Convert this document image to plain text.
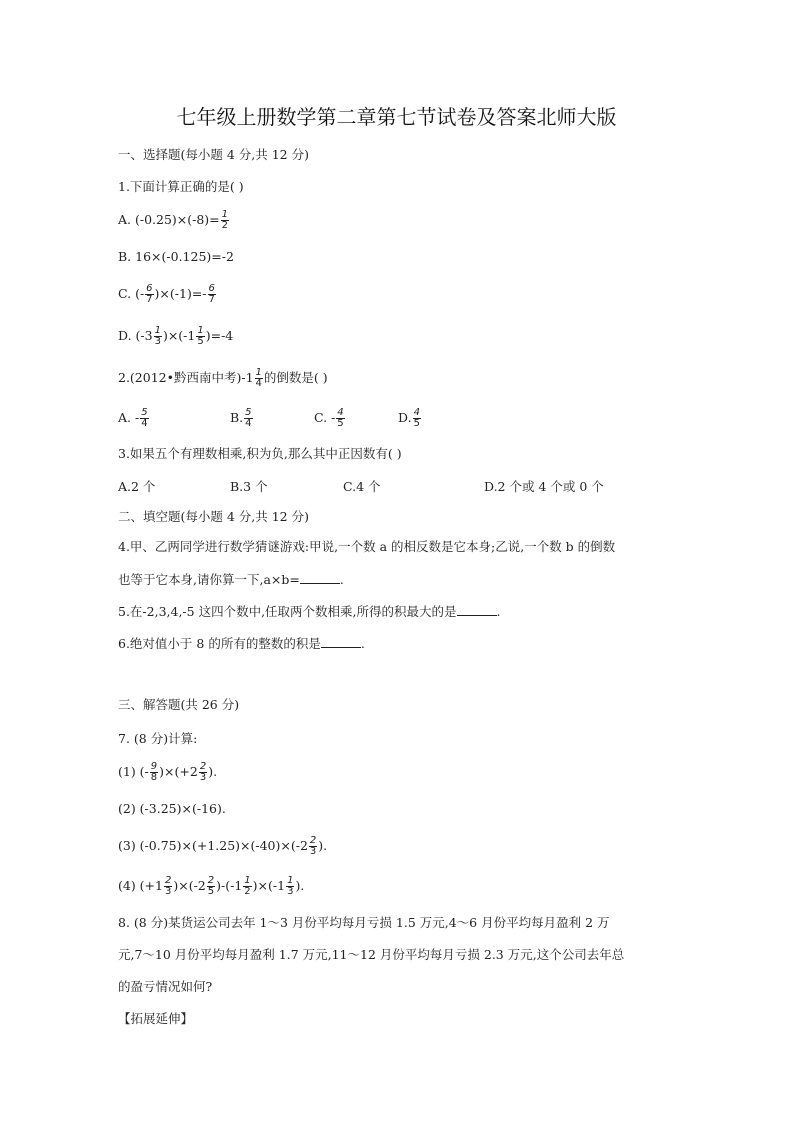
七年级上册数学第二章第七节试卷及答案北师大版
一、选择题(每小题 4 分,共 12 分)
1.下面计算正确的是( )
A. $(-0.25)\times(-8)= \frac{1}{2}$
B. 16×(-0.125)=-2
C. (- $\frac{6}{7} )\times(-1)=- \frac{6}{7}$
D. $(-3 \frac{1}{3} )\times(-1 \frac{1}{5} )=-4$
2.(2012•黔西南中考)$-1 \frac{1}{4}$ 的倒数是( )
A. - $\frac{5}{4}$	B. $\frac{5}{4}$	C. - $\frac{4}{5}$	D. $\frac{4}{5}$
3.如果五个有理数相乘,积为负,那么其中正因数有( )
A.2 个	B.3 个	C.4 个	D.2 个或 4 个或 0 个
二、填空题(每小题 4 分,共 12 分)
4.甲、乙两同学进行数学猜谜游戏:甲说,一个数 a 的相反数是它本身;乙说,一个数 b 的倒数
也等于它本身,请你算一下,a×b=	.
5.在-2,3,4,-5 这四个数中,任取两个数相乘,所得的积最大的是	.
6.绝对值小于 8 的所有的整数的积是	.
三、解答题(共 26 分)
7. (8 分)计算:
(1) (- $\frac{9}{8} )\times(+2 \frac{2}{3}$ ).
(2) (-3.25)×(-16).
(3) $(-0.75)\times(+1.25)\times(-40)\times(-2 \frac{2}{3}$ ).
(4) $(+1 \frac{2}{3} )\times(-2 \frac{2}{5} )-(-1 \frac{1}{2} )\times(-1 \frac{1}{3}$ ).
8. (8 分)某货运公司去年 1～3 月份平均每月亏损 1.5 万元,4～6 月份平均每月盈利 2 万
元,7～10 月份平均每月盈利 1.7 万元,11～12 月份平均每月亏损 2.3 万元,这个公司去年总
的盈亏情况如何?
【拓展延伸】
